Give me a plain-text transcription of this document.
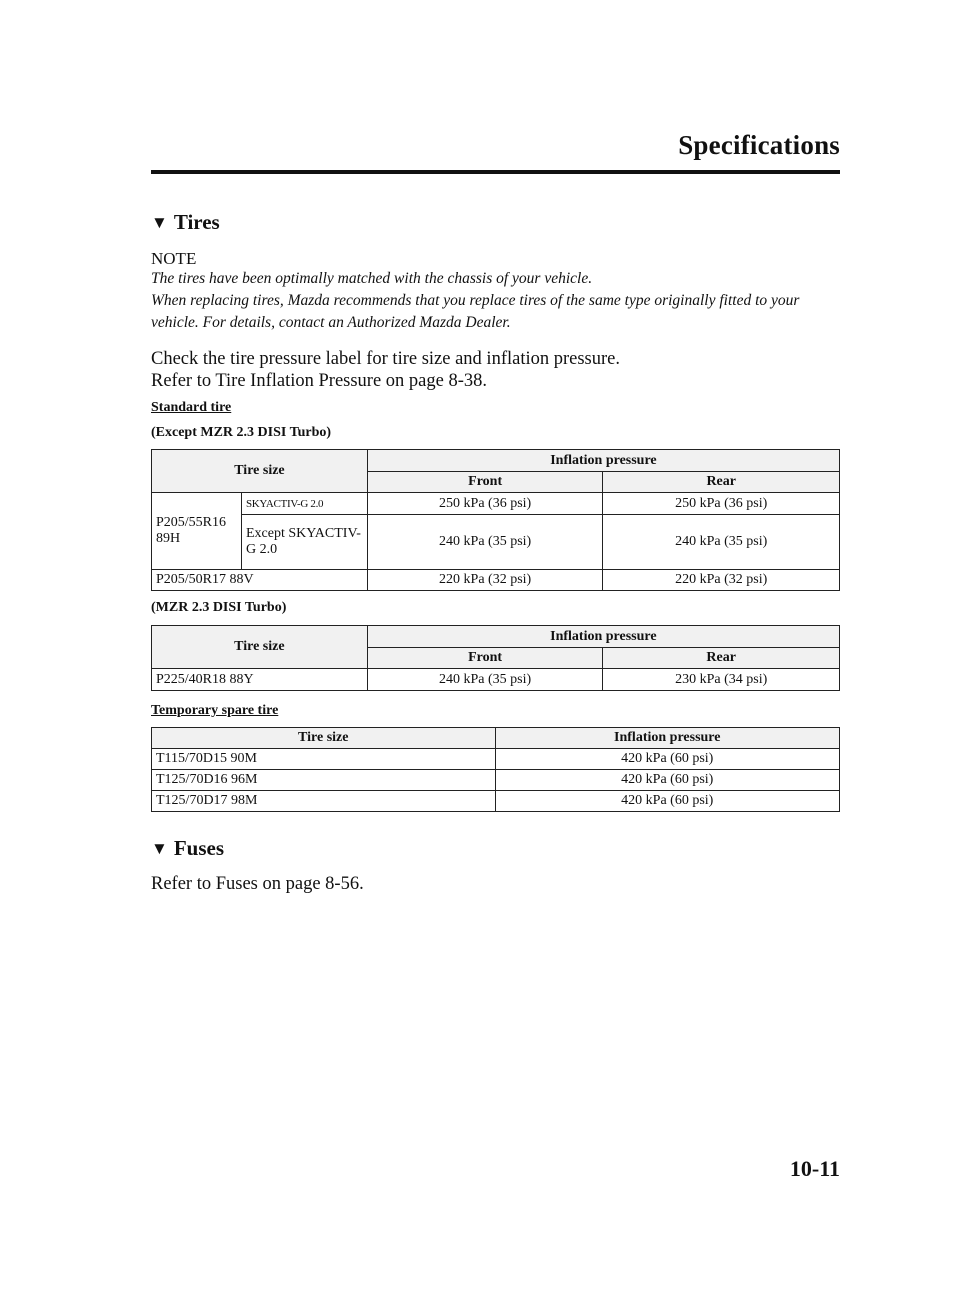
Specifications
▼ Tires
NOTE
The tires have been optimally matched with the chassis of your vehicle.
When replacing tires, Mazda recommends that you replace tires of the same type originally fitted to your vehicle. For details, contact an Authorized Mazda Dealer.
Check the tire pressure label for tire size and inflation pressure.
Refer to Tire Inflation Pressure on page 8-38.
Standard tire
(Except MZR 2.3 DISI Turbo)
Tire size		Inflation pressure	
		Front	Rear
P205/55R16 89H	SKYACTIV-G 2.0	250 kPa (36 psi)	250 kPa (36 psi)
	Except SKYACTIV-G 2.0	240 kPa (35 psi)	240 kPa (35 psi)
P205/50R17 88V		220 kPa (32 psi)	220 kPa (32 psi)
(MZR 2.3 DISI Turbo)
Tire size	Inflation pressure	
	Front	Rear
P225/40R18 88Y	240 kPa (35 psi)	230 kPa (34 psi)
Temporary spare tire
Tire size	Inflation pressure
T115/70D15 90M	420 kPa (60 psi)
T125/70D16 96M	420 kPa (60 psi)
T125/70D17 98M	420 kPa (60 psi)
▼ Fuses
Refer to Fuses on page 8-56.
10-11
